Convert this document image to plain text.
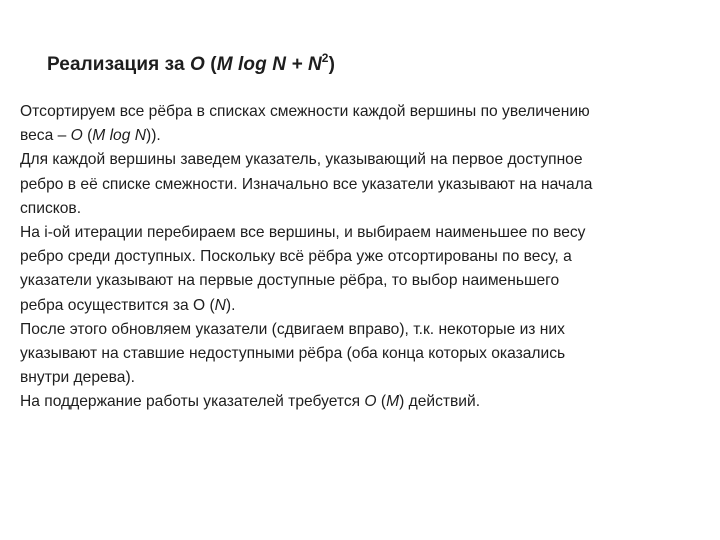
Реализация за O (M $\log N + N^2$)
Отсортируем все рёбра в списках смежности каждой вершины по увеличению
веса – O (M log N)).
Для каждой вершины заведем указатель, указывающий на первое доступное
ребро в её списке смежности. Изначально все указатели указывают на начала
списков.
На i-ой итерации перебираем все вершины, и выбираем наименьшее по весу
ребро среди доступных. Поскольку всё рёбра уже отсортированы по весу, а
указатели указывают на первые доступные рёбра, то выбор наименьшего
ребра осуществится за O (N).
После этого обновляем указатели (сдвигаем вправо), т.к. некоторые из них
указывают на ставшие недоступными рёбра (оба конца которых оказались
внутри дерева).
На поддержание работы указателей требуется O (M) действий.
